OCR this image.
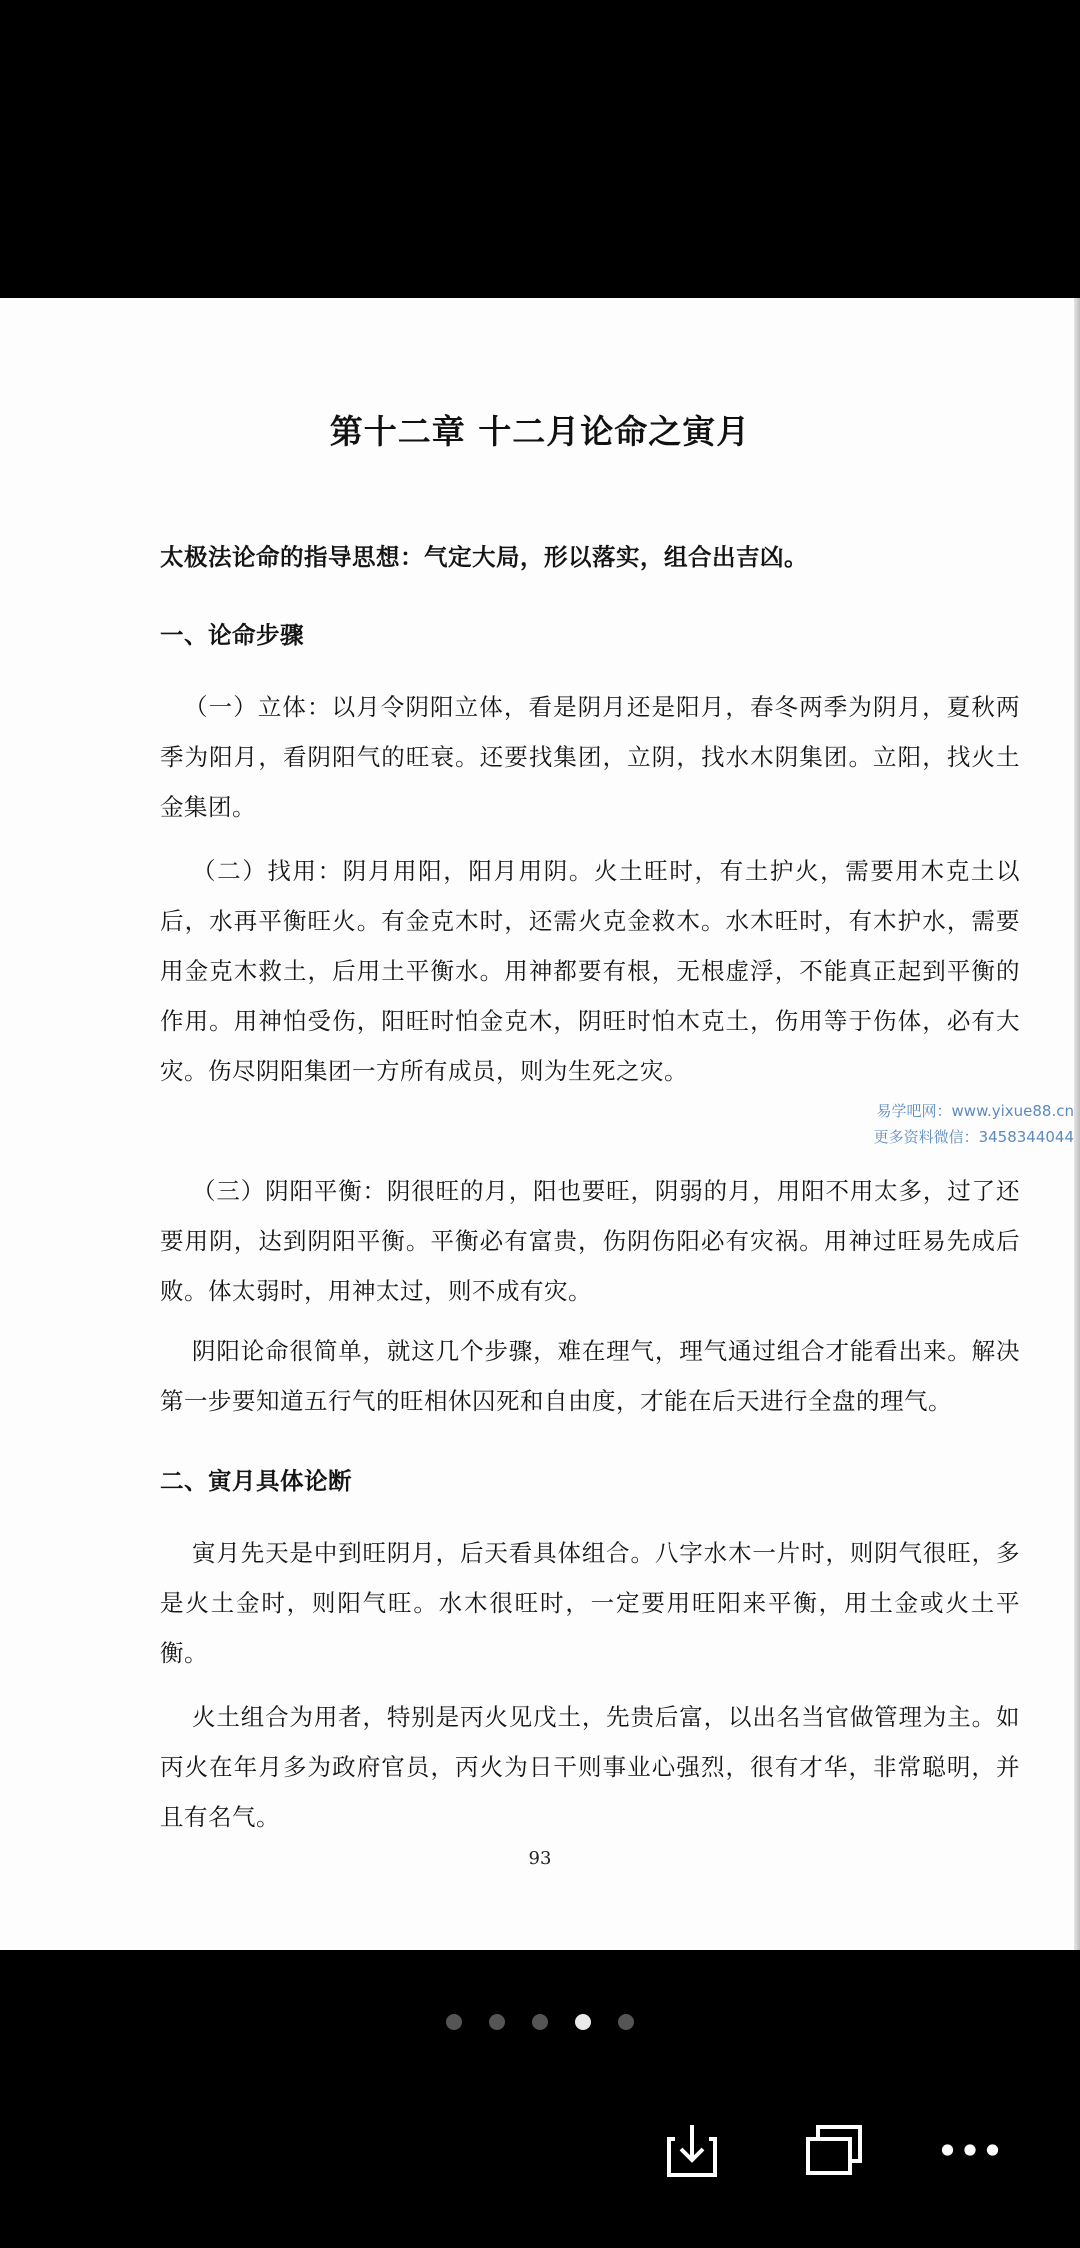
第十二章 十二月论命之寅月
太极法论命的指导思想：气定大局，形以落实，组合出吉凶。
一、论命步骤
（一）立体：以月令阴阳立体，看是阴月还是阳月，春冬两季为阴月，夏秋两季为阳月，看阴阳气的旺衰。还要找集团，立阴，找水木阴集团。立阳，找火土金集团。
（二）找用：阴月用阳，阳月用阴。火土旺时，有土护火，需要用木克土以后，水再平衡旺火。有金克木时，还需火克金救木。水木旺时，有木护水，需要用金克木救土，后用土平衡水。用神都要有根，无根虚浮，不能真正起到平衡的作用。用神怕受伤，阳旺时怕金克木，阴旺时怕木克土，伤用等于伤体，必有大灾。伤尽阴阳集团一方所有成员，则为生死之灾。
（三）阴阳平衡：阴很旺的月，阳也要旺，阴弱的月，用阳不用太多，过了还要用阴，达到阴阳平衡。平衡必有富贵，伤阴伤阳必有灾祸。用神过旺易先成后败。体太弱时，用神太过，则不成有灾。
阴阳论命很简单，就这几个步骤，难在理气，理气通过组合才能看出来。解决第一步要知道五行气的旺相休囚死和自由度，才能在后天进行全盘的理气。
二、寅月具体论断
寅月先天是中到旺阴月，后天看具体组合。八字水木一片时，则阴气很旺，多是火土金时，则阳气旺。水木很旺时，一定要用旺阳来平衡，用土金或火土平衡。
火土组合为用者，特别是丙火见戊土，先贵后富，以出名当官做管理为主。如丙火在年月多为政府官员，丙火为日干则事业心强烈，很有才华，非常聪明，并且有名气。
93
易学吧网：www.yixue88.cn
更多资料微信：3458344044
